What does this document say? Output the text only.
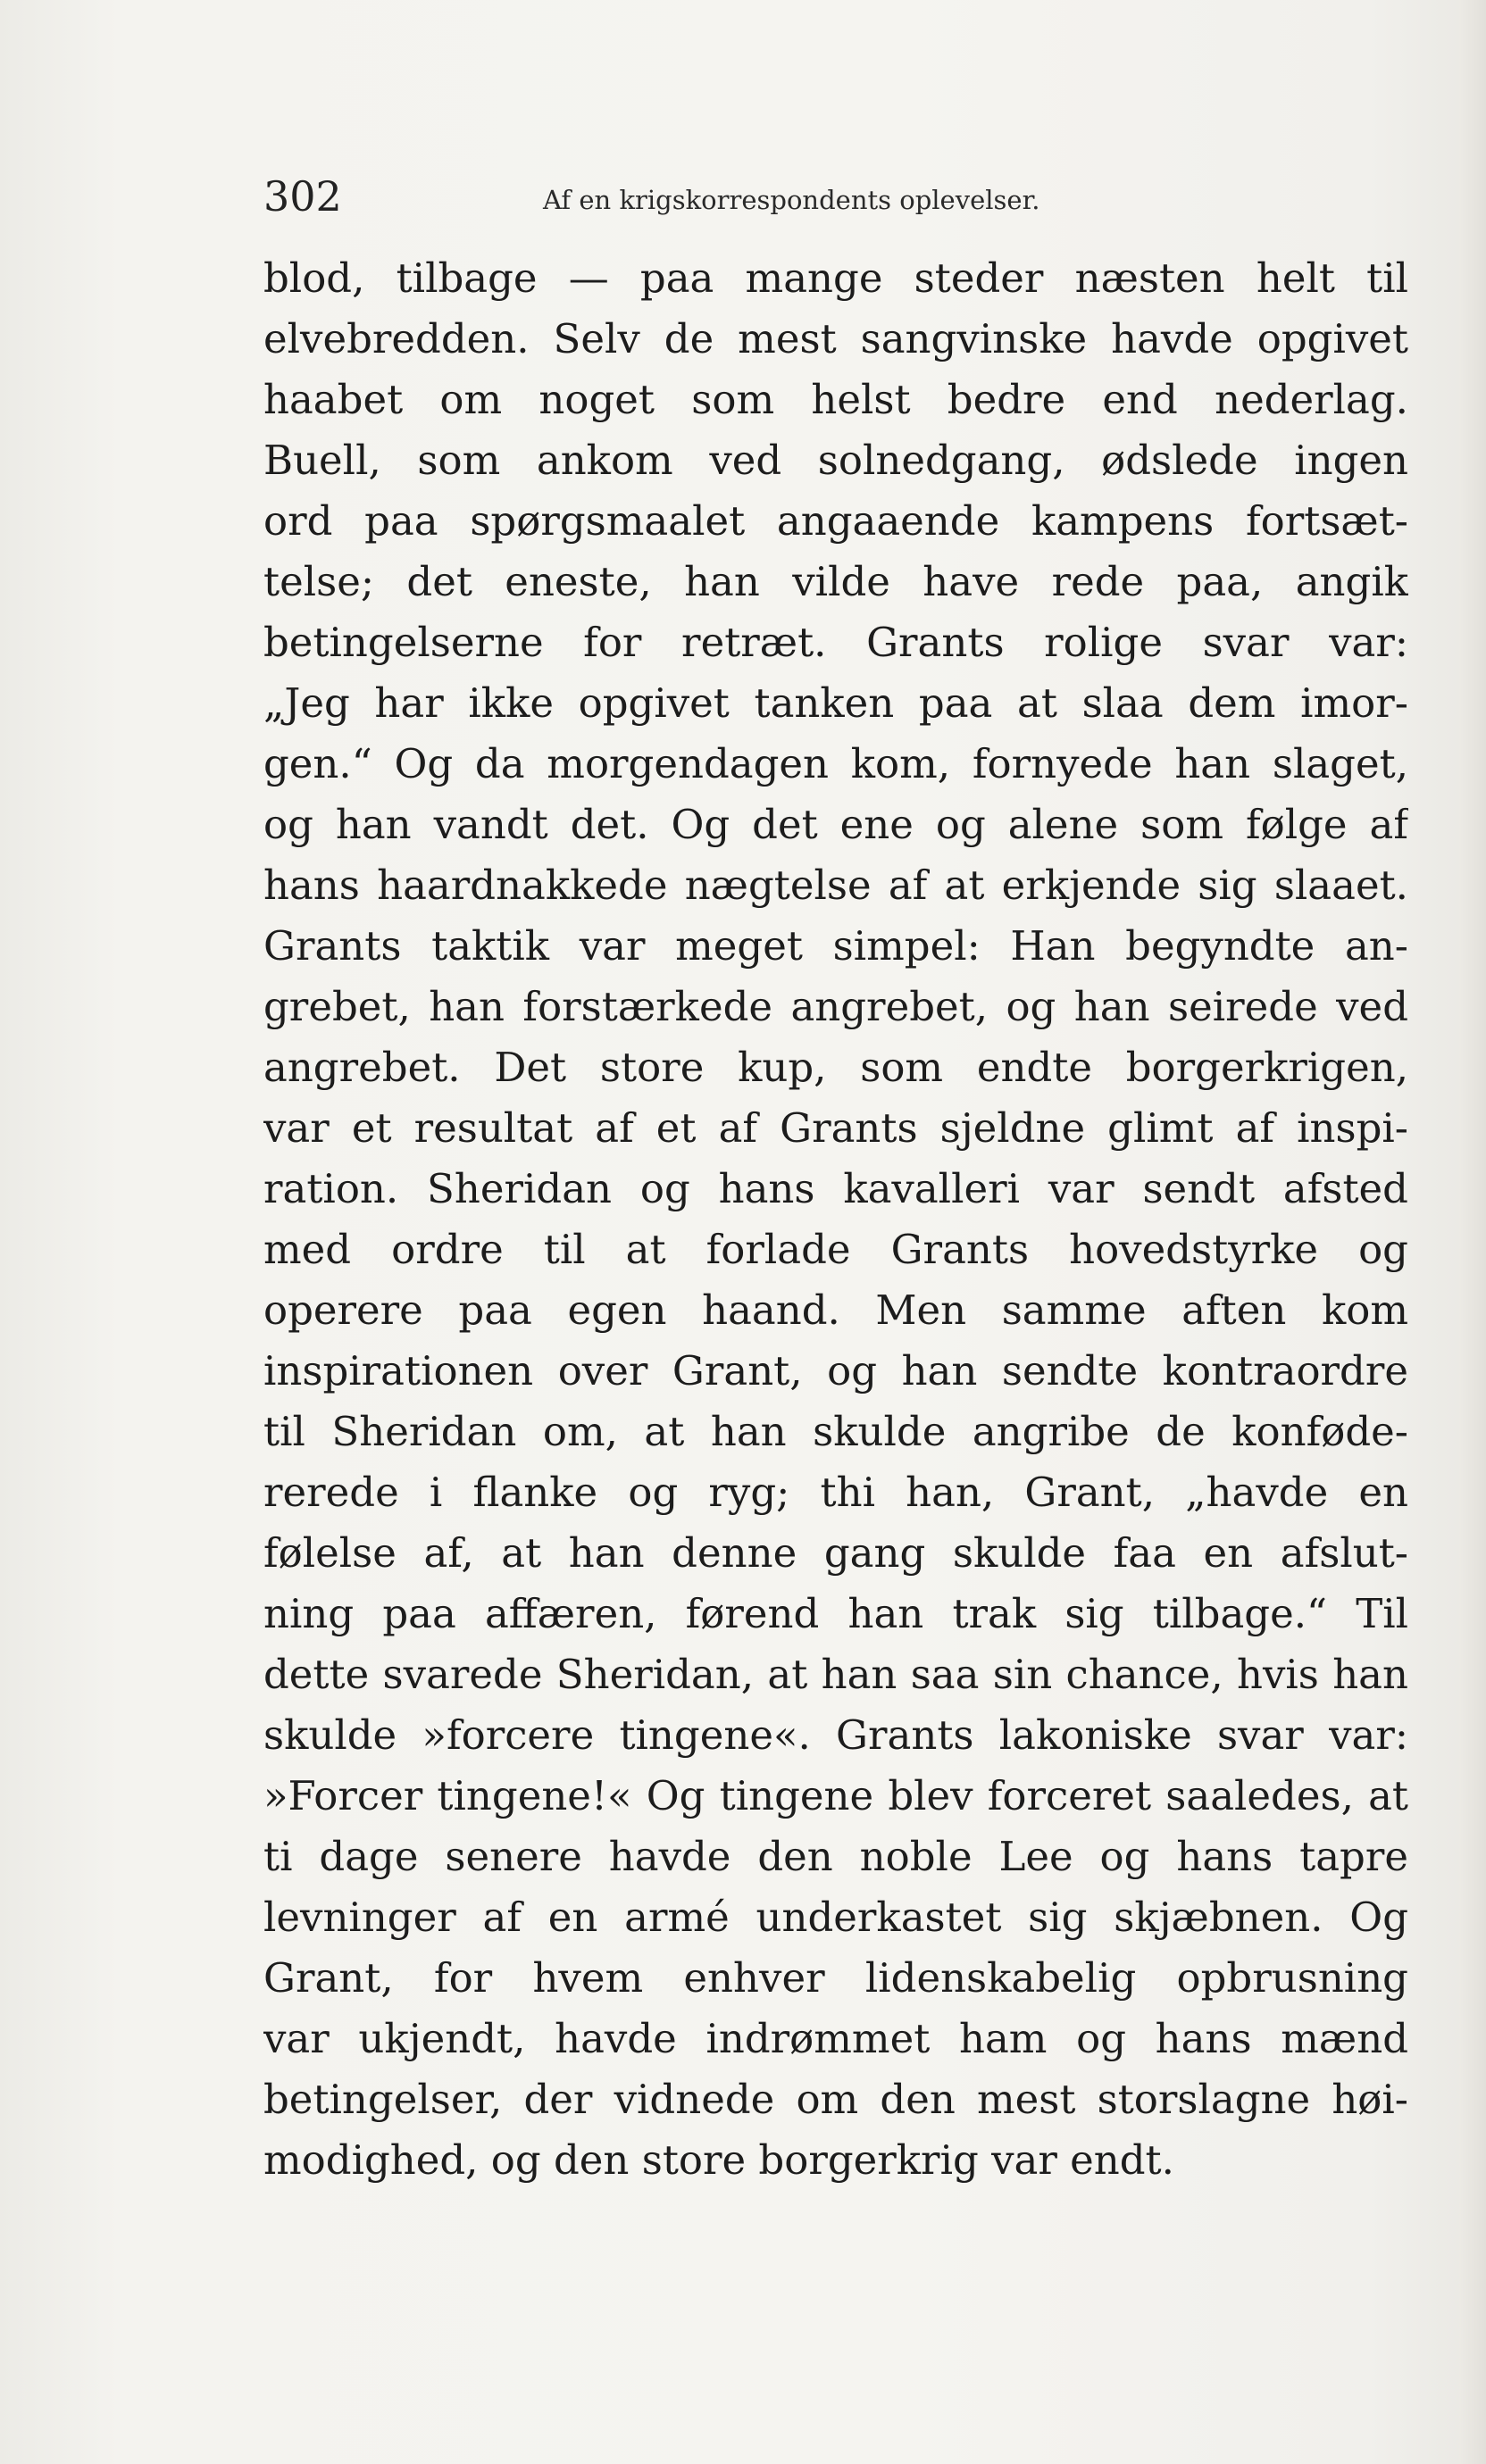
302	Af en krigskorrespondents oplevelser.
blod, tilbage — paa mange steder næsten helt til
elvebredden. Selv de mest sangvinske havde opgivet
haabet om noget som helst bedre end nederlag.
Buell, som ankom ved solnedgang, ødslede ingen
ord paa spørgsmaalet angaaende kampens fortsæt-
telse; det eneste, han vilde have rede paa, angik
betingelserne for retræt. Grants rolige svar var:
„Jeg har ikke opgivet tanken paa at slaa dem imor-
gen.“ Og da morgendagen kom, fornyede han slaget,
og han vandt det. Og det ene og alene som følge af
hans haardnakkede nægtelse af at erkjende sig slaaet.
Grants taktik var meget simpel: Han begyndte an-
grebet, han forstærkede angrebet, og han seirede ved
angrebet. Det store kup, som endte borgerkrigen,
var et resultat af et af Grants sjeldne glimt af inspi-
ration. Sheridan og hans kavalleri var sendt afsted
med ordre til at forlade Grants hovedstyrke og
operere paa egen haand. Men samme aften kom
inspirationen over Grant, og han sendte kontraordre
til Sheridan om, at han skulde angribe de konføde-
rerede i flanke og ryg; thi han, Grant, „havde en
følelse af, at han denne gang skulde faa en afslut-
ning paa affæren, førend han trak sig tilbage.“ Til
dette svarede Sheridan, at han saa sin chance, hvis han
skulde »forcere tingene«. Grants lakoniske svar var:
»Forcer tingene!« Og tingene blev forceret saaledes, at
ti dage senere havde den noble Lee og hans tapre
levninger af en armé underkastet sig skjæbnen. Og
Grant, for hvem enhver lidenskabelig opbrusning
var ukjendt, havde indrømmet ham og hans mænd
betingelser, der vidnede om den mest storslagne høi-
modighed, og den store borgerkrig var endt.
